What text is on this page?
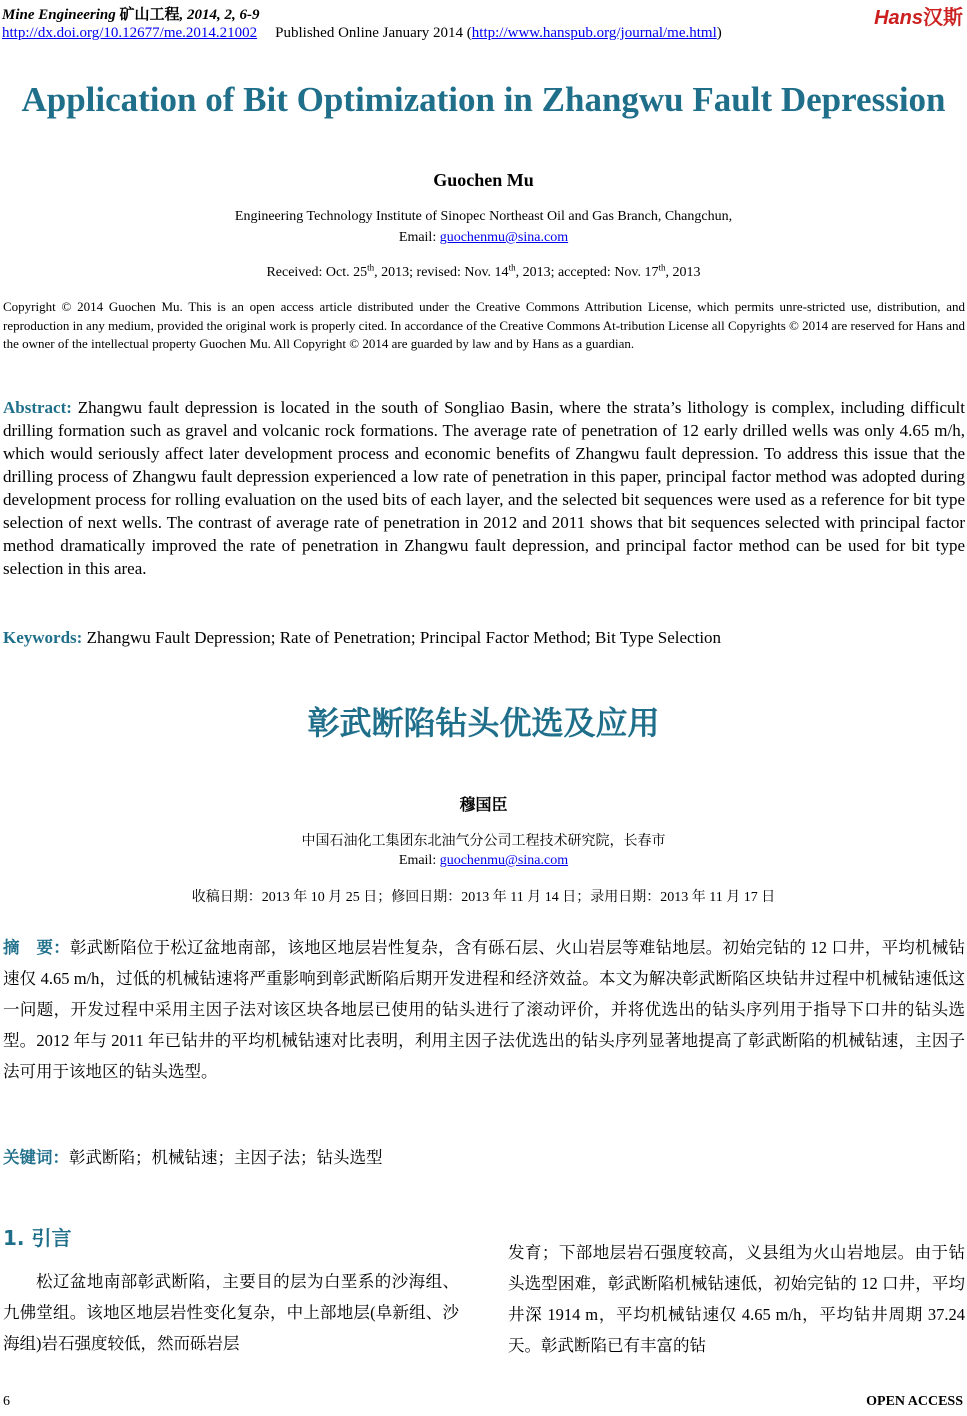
Mine Engineering 矿山工程, 2014, 2, 6-9
http://dx.doi.org/10.12677/me.2014.21002 Published Online January 2014 (http://www.hanspub.org/journal/me.html)
Hans汉斯
Application of Bit Optimization in Zhangwu Fault Depression
Guochen Mu
Engineering Technology Institute of Sinopec Northeast Oil and Gas Branch, Changchun,
Email: guochenmu@sina.com
Received: Oct. 25th, 2013; revised: Nov. 14th, 2013; accepted: Nov. 17th, 2013
Copyright © 2014 Guochen Mu. This is an open access article distributed under the Creative Commons Attribution License, which permits unre-stricted use, distribution, and reproduction in any medium, provided the original work is properly cited. In accordance of the Creative Commons At-tribution License all Copyrights © 2014 are reserved for Hans and the owner of the intellectual property Guochen Mu. All Copyright © 2014 are guarded by law and by Hans as a guardian.
Abstract: Zhangwu fault depression is located in the south of Songliao Basin, where the strata’s lithology is complex, including difficult drilling formation such as gravel and volcanic rock formations. The average rate of penetration of 12 early drilled wells was only 4.65 m/h, which would seriously affect later development process and economic benefits of Zhangwu fault depression. To address this issue that the drilling process of Zhangwu fault depression experienced a low rate of penetration in this paper, principal factor method was adopted during development process for rolling evaluation on the used bits of each layer, and the selected bit sequences were used as a reference for bit type selection of next wells. The contrast of average rate of penetration in 2012 and 2011 shows that bit sequences selected with principal factor method dramatically improved the rate of penetration in Zhangwu fault depression, and principal factor method can be used for bit type selection in this area.
Keywords: Zhangwu Fault Depression; Rate of Penetration; Principal Factor Method; Bit Type Selection
彰武断陷钻头优选及应用
穆国臣
中国石油化工集团东北油气分公司工程技术研究院，长春市
Email: guochenmu@sina.com
收稿日期：2013 年 10 月 25 日；修回日期：2013 年 11 月 14 日；录用日期：2013 年 11 月 17 日
摘　要：彰武断陷位于松辽盆地南部，该地区地层岩性复杂，含有砾石层、火山岩层等难钻地层。初始完钻的 12 口井，平均机械钻速仅 4.65 m/h，过低的机械钻速将严重影响到彰武断陷后期开发进程和经济效益。本文为解决彰武断陷区块钻井过程中机械钻速低这一问题，开发过程中采用主因子法对该区块各地层已使用的钻头进行了滚动评价，并将优选出的钻头序列用于指导下口井的钻头选型。2012 年与 2011 年已钻井的平均机械钻速对比表明，利用主因子法优选出的钻头序列显著地提高了彰武断陷的机械钻速，主因子法可用于该地区的钻头选型。
关键词：彰武断陷；机械钻速；主因子法；钻头选型
1. 引言
松辽盆地南部彰武断陷，主要目的层为白垩系的沙海组、九佛堂组。该地区地层岩性变化复杂，中上部地层(阜新组、沙海组)岩石强度较低，然而砾岩层
发育；下部地层岩石强度较高，义县组为火山岩地层。由于钻头选型困难，彰武断陷机械钻速低，初始完钻的 12 口井，平均井深 1914 m，平均机械钻速仅 4.65 m/h，平均钻井周期 37.24 天。彰武断陷已有丰富的钻
6	OPEN ACCESS
